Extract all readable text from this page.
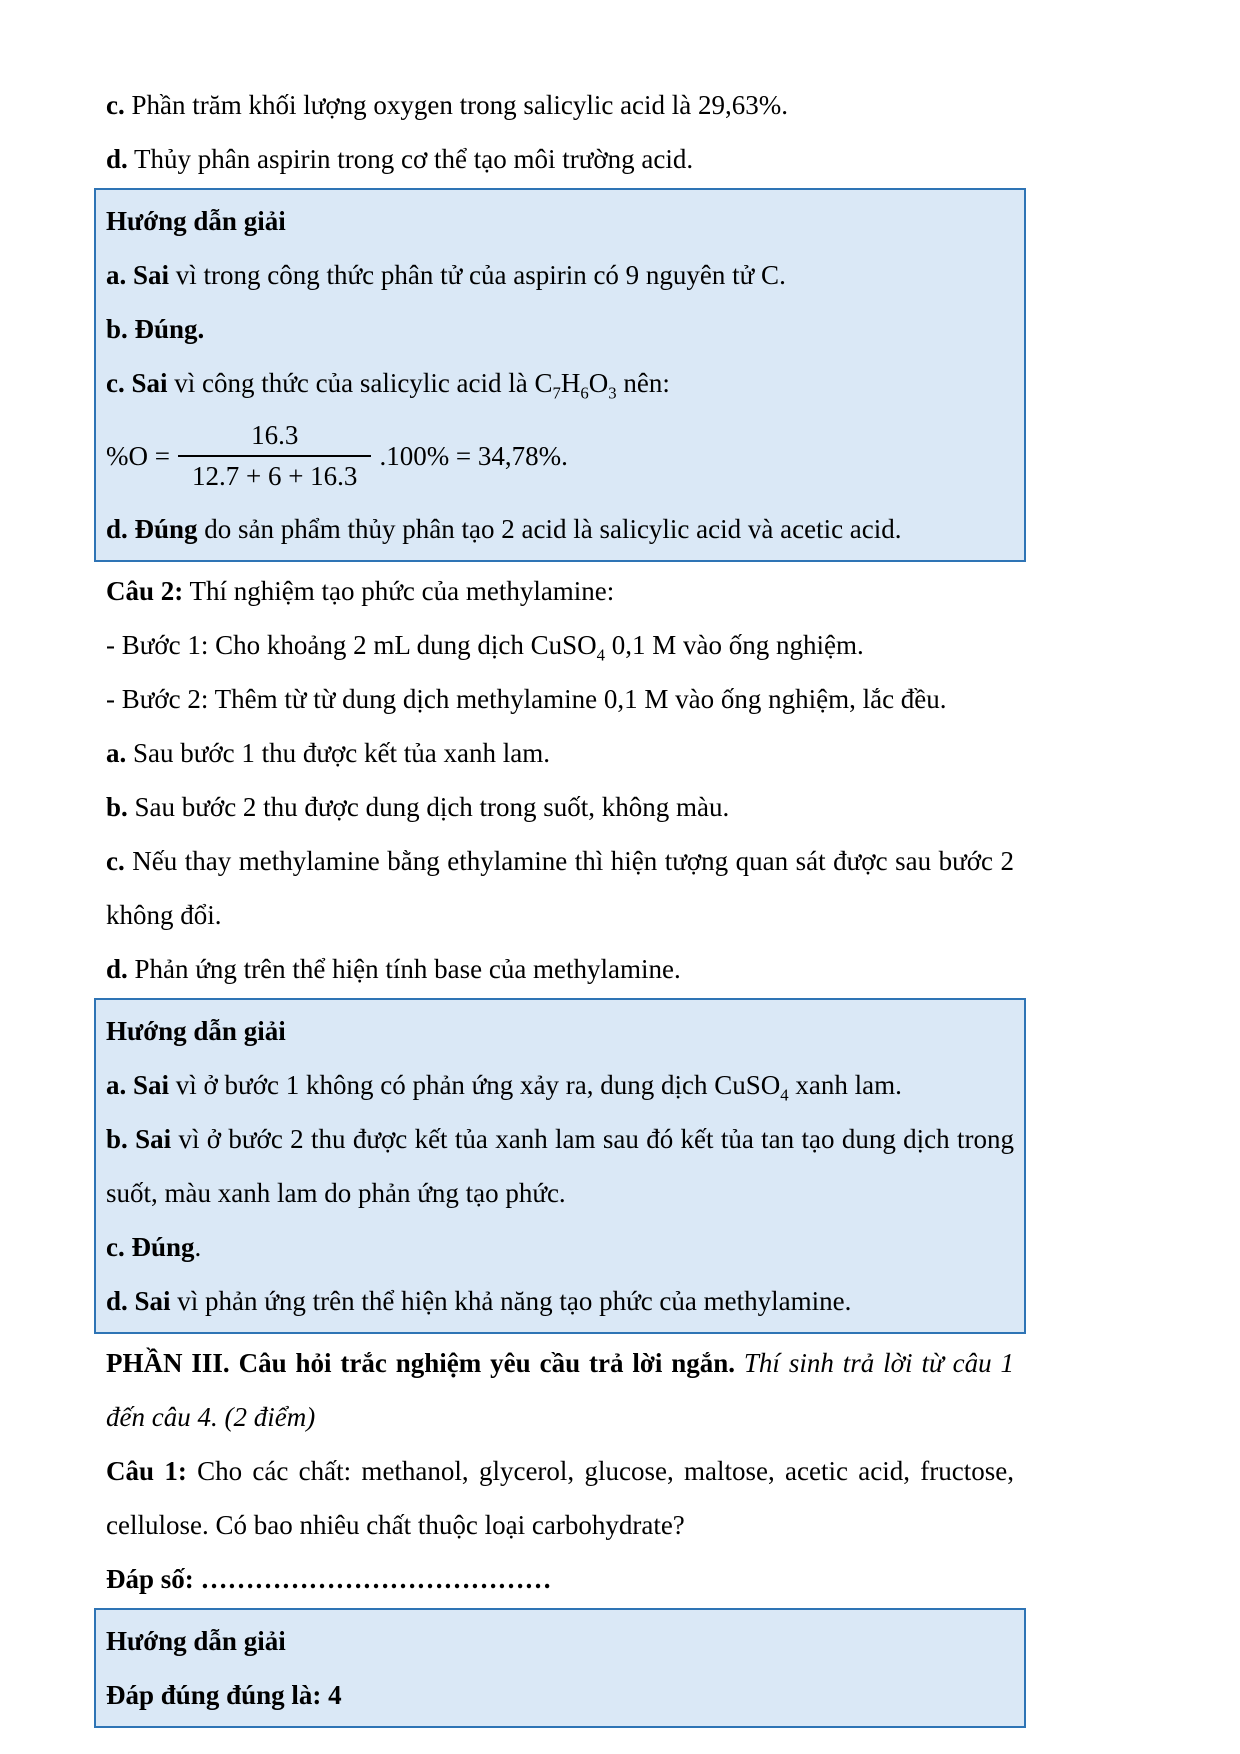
c. Phần trăm khối lượng oxygen trong salicylic acid là 29,63%.

d. Thủy phân aspirin trong cơ thể tạo môi trường acid.

Hướng dẫn giải

a. Sai vì trong công thức phân tử của aspirin có 9 nguyên tử C.

b. Đúng.

c. Sai vì công thức của salicylic acid là $C_7H_6O_3$ nên:

$\%O = \frac{16.3}{12.7 + 6 + 16.3} .100\% = 34,78\%$.

d. Đúng do sản phẩm thủy phân tạo 2 acid là salicylic acid và acetic acid.

Câu 2: Thí nghiệm tạo phức của methylamine:

- Bước 1: Cho khoảng 2 mL dung dịch CuSO$_4$ 0,1 M vào ống nghiệm.

- Bước 2: Thêm từ từ dung dịch methylamine 0,1 M vào ống nghiệm, lắc đều.

a. Sau bước 1 thu được kết tủa xanh lam.

b. Sau bước 2 thu được dung dịch trong suốt, không màu.

c. Nếu thay methylamine bằng ethylamine thì hiện tượng quan sát được sau bước 2 không đổi.

d. Phản ứng trên thể hiện tính base của methylamine.

Hướng dẫn giải

a. Sai vì ở bước 1 không có phản ứng xảy ra, dung dịch CuSO$_4$ xanh lam.

b. Sai vì ở bước 2 thu được kết tủa xanh lam sau đó kết tủa tan tạo dung dịch trong suốt, màu xanh lam do phản ứng tạo phức.

c. Đúng.

d. Sai vì phản ứng trên thể hiện khả năng tạo phức của methylamine.

PHẦN III. Câu hỏi trắc nghiệm yêu cầu trả lời ngắn. Thí sinh trả lời từ câu 1 đến câu 4. (2 điểm)

Câu 1: Cho các chất: methanol, glycerol, glucose, maltose, acetic acid, fructose, cellulose. Có bao nhiêu chất thuộc loại carbohydrate?

Đáp số: …………………………………

Hướng dẫn giải

Đáp đúng đúng là: 4
